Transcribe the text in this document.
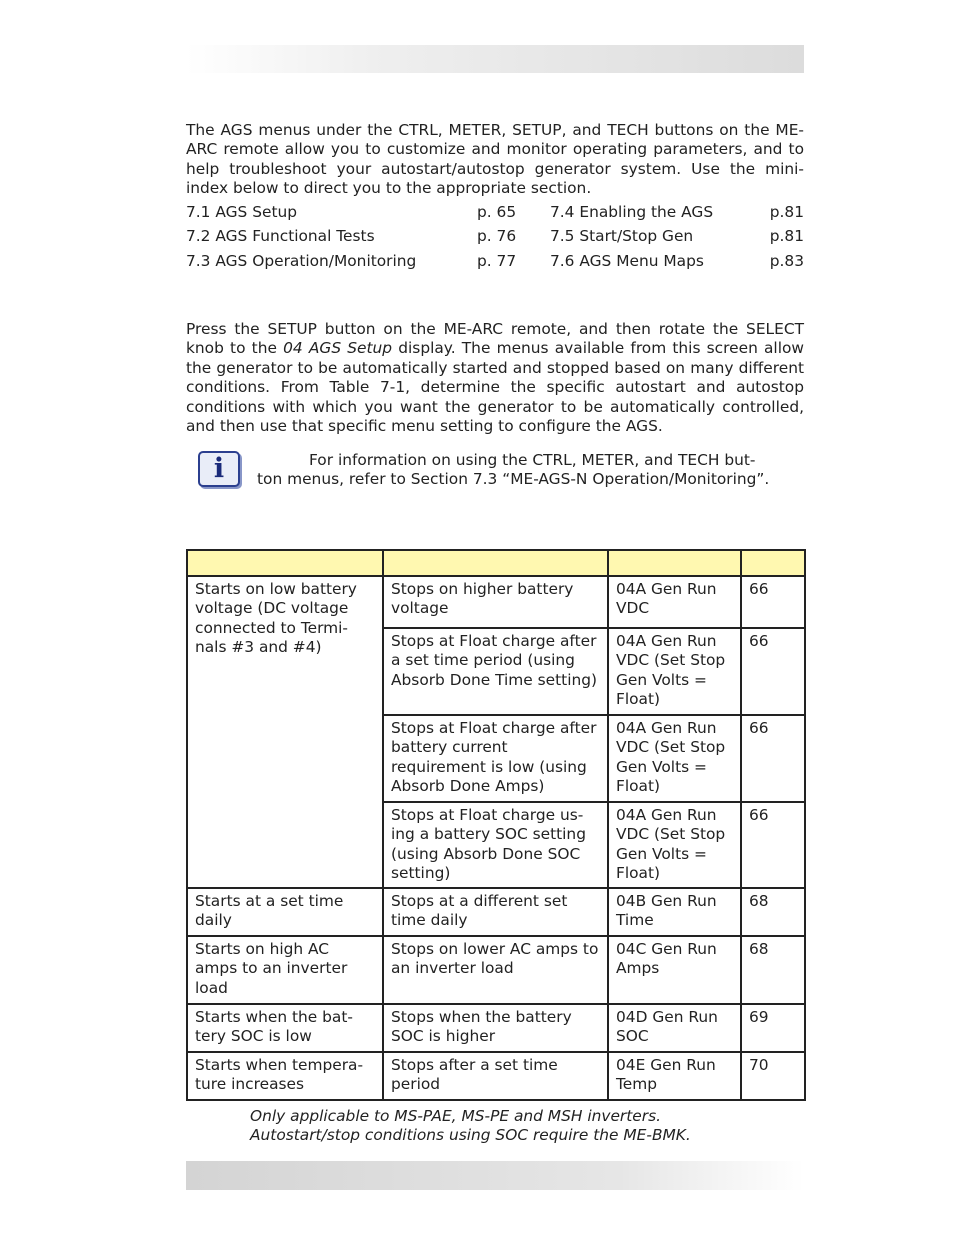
The AGS menus under the CTRL, METER, SETUP, and TECH buttons on the ME-ARC remote allow you to customize and monitor operating parameters, and to help troubleshoot your autostart/autostop generator system. Use the mini-index below to direct you to the appropriate section.

7.1 AGS Setup	p. 65 7.4 Enabling the AGS	p.81
7.2 AGS Functional Tests	p. 76 7.5 Start/Stop Gen	p.81
7.3 AGS Operation/Monitoring	p. 77 7.6 AGS Menu Maps	p.83

Press the SETUP button on the ME-ARC remote, and then rotate the SELECT knob to the 04 AGS Setup display. The menus available from this screen allow the generator to be automatically started and stopped based on many different conditions. From Table 7-1, determine the specific autostart and autostop conditions with which you want the generator to be automatically controlled, and then use that specific menu setting to configure the AGS.

i	For information on using the CTRL, METER, and TECH but-
ton menus, refer to Section 7.3 “ME-AGS-N Operation/Monitoring”.

Starts on low battery voltage (DC voltage connected to Termi-nals #3 and #4)	Stops on higher battery voltage	04A Gen Run VDC	66
	Stops at Float charge after a set time period (using Absorb Done Time setting)	04A Gen Run VDC (Set Stop Gen Volts = Float)	66
	Stops at Float charge after battery current requirement is low (using Absorb Done Amps)	04A Gen Run VDC (Set Stop Gen Volts = Float)	66
	Stops at Float charge us-ing a battery SOC setting (using Absorb Done SOC setting)	04A Gen Run VDC (Set Stop Gen Volts = Float)	66
Starts at a set time daily	Stops at a different set time daily	04B Gen Run Time	68
Starts on high AC amps to an inverter load	Stops on lower AC amps to an inverter load	04C Gen Run Amps	68
Starts when the bat-tery SOC is low	Stops when the battery SOC is higher	04D Gen Run SOC	69
Starts when tempera-ture increases	Stops after a set time period	04E Gen Run Temp	70

Only applicable to MS-PAE, MS-PE and MSH inverters.
Autostart/stop conditions using SOC require the ME-BMK.
